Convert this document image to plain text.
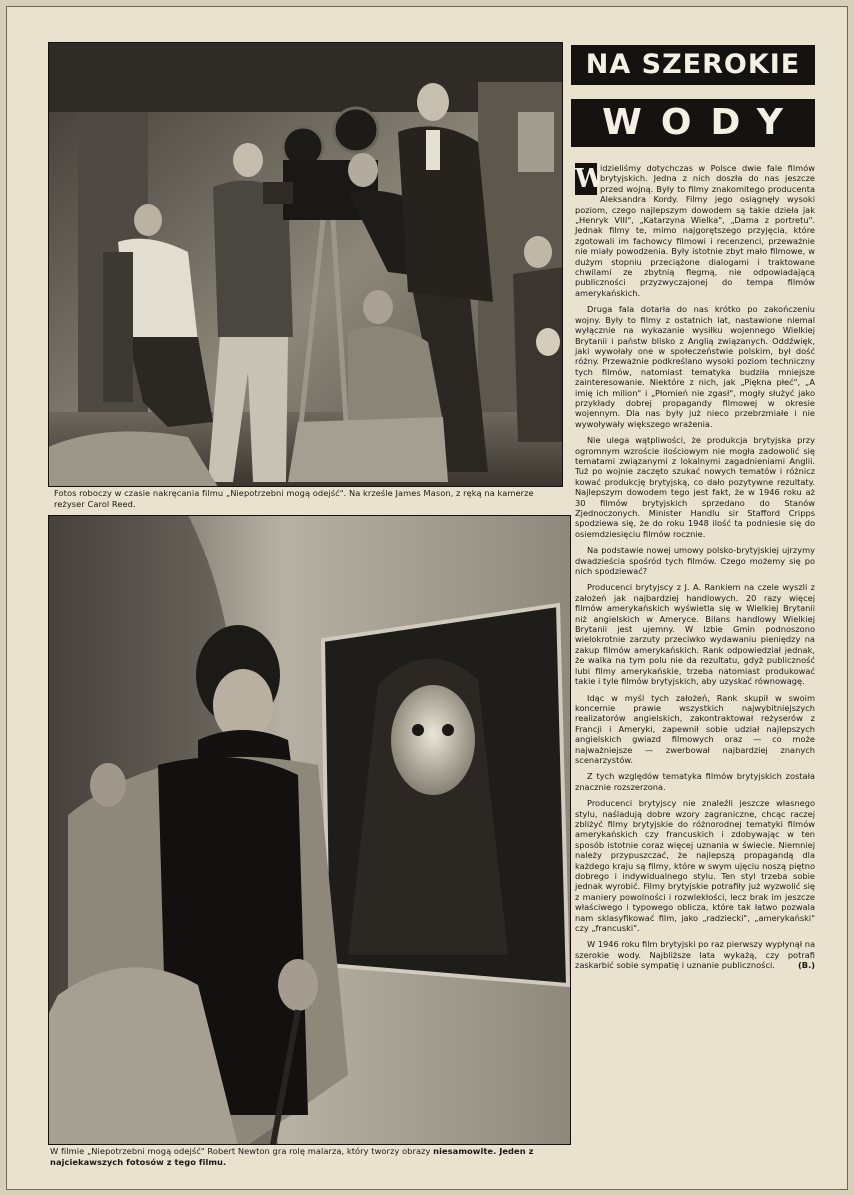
Fotos roboczy w czasie nakręcania filmu „Niepotrzebni mogą odejść". Na krześle James Mason, z ręką na kamerze reżyser Carol Reed.
W filmie „Niepotrzebni mogą odejść" Robert Newton gra rolę malarza, który tworzy obrazy niesamowite. Jeden z najciekawszych fotosów z tego filmu.
NA SZEROKIE
WODY

W
idzieliśmy dotychczas w Polsce dwie fale filmów brytyjskich. Jedna z nich doszła do nas jeszcze przed wojną. Były to filmy znakomitego producenta Aleksandra Kordy. Filmy jego osiągnęły wysoki poziom, czego najlepszym dowodem są takie dzieła jak „Henryk VIII", „Katarzyna Wielka", „Dama z portretu". Jednak filmy te, mimo najgorętszego przyjęcia, które zgotowali im fachowcy filmowi i recenzenci, przeważnie nie miały powodzenia. Były istotnie zbyt mało filmowe, w dużym stopniu przeciążone dialogami i traktowane chwilami ze zbytnią flegmą, nie odpowiadającą publiczności przyzwyczajonej do tempa filmów amerykańskich.

Druga fala dotarła do nas krótko po zakończeniu wojny. Były to filmy z ostatnich lat, nastawione niemal wyłącznie na wykazanie wysiłku wojennego Wielkiej Brytanii i państw blisko z Anglią związanych. Oddźwięk, jaki wywołały one w społeczeństwie polskim, był dość różny. Przeważnie podkreślano wysoki poziom techniczny tych filmów, natomiast tematyka budziła mniejsze zainteresowanie. Niektóre z nich, jak „Piękna płeć", „A imię ich milion" i „Płomień nie zgasł", mogły służyć jako przykłady dobrej propagandy filmowej w okresie wojennym. Dla nas były już nieco przebrzmiałe i nie wywoływały większego wrażenia.

Nie ulega wątpliwości, że produkcja brytyjska przy ogromnym wzroście ilościowym nie mogła zadowolić się tematami związanymi z lokalnymi zagadnieniami Anglii. Tuż po wojnie zaczęto szukać nowych tematów i różnicz kować produkcję brytyjską, co dało pozytywne rezultaty. Najlepszym dowodem tego jest fakt, że w 1946 roku aż 30 filmów brytyjskich sprzedano do Stanów Zjednoczonych. Minister Handlu sir Stafford Cripps spodziewa się, że do roku 1948 ilość ta podniesie się do osiemdziesięciu filmów rocznie.

Na podstawie nowej umowy polsko-brytyjskiej ujrzymy dwadzieścia spośród tych filmów. Czego możemy się po nich spodziewać?

Producenci brytyjscy z J. A. Rankiem na czele wyszli z założeń jak najbardziej handlowych. 20 razy więcej filmów amerykańskich wyświetla się w Wielkiej Brytanii niż angielskich w Ameryce. Bilans handlowy Wielkiej Brytanii jest ujemny. W Izbie Gmin podnoszono wielokrotnie zarzuty przeciwko wydawaniu pieniędzy na zakup filmów amerykańskich. Rank odpowiedział jednak, że walka na tym polu nie da rezultatu, gdyż publiczność lubi filmy amerykańskie, trzeba natomiast produkować takie i tyle filmów brytyjskich, aby uzyskać równowagę.

Idąc w myśl tych założeń, Rank skupił w swoim koncernie prawie wszystkich najwybitniejszych realizatorów angielskich, zakontraktował reżyserów z Francji i Ameryki, zapewnił sobie udział najlepszych angielskich gwiazd filmowych oraz — co może najważniejsze — zwerbował najbardziej znanych scenarzystów.

Z tych względów tematyka filmów brytyjskich została znacznie rozszerzona.

Producenci brytyjscy nie znaleźli jeszcze własnego stylu, naśladują dobre wzory zagraniczne, chcąc raczej zbliżyć filmy brytyjskie do różnorodnej tematyki filmów amerykańskich czy francuskich i zdobywając w ten sposób istotnie coraz więcej uznania w świecie. Niemniej należy przypuszczać, że najlepszą propagandą dla każdego kraju są filmy, które w swym ujęciu noszą piętno dobrego i indywidualnego stylu. Ten styl trzeba sobie jednak wyrobić. Filmy brytyjskie potrafiły już wyzwolić się z maniery powolności i rozwlekłości, lecz brak im jeszcze właściwego i typowego oblicza, które tak łatwo pozwala nam sklasyfikować film, jako „radziecki", „amerykański" czy „francuski".

W 1946 roku film brytyjski po raz pierwszy wypłynął na szerokie wody. Najbliższe lata wykażą, czy potrafi zaskarbić sobie sympatię i uznanie publiczności.	(B.)
